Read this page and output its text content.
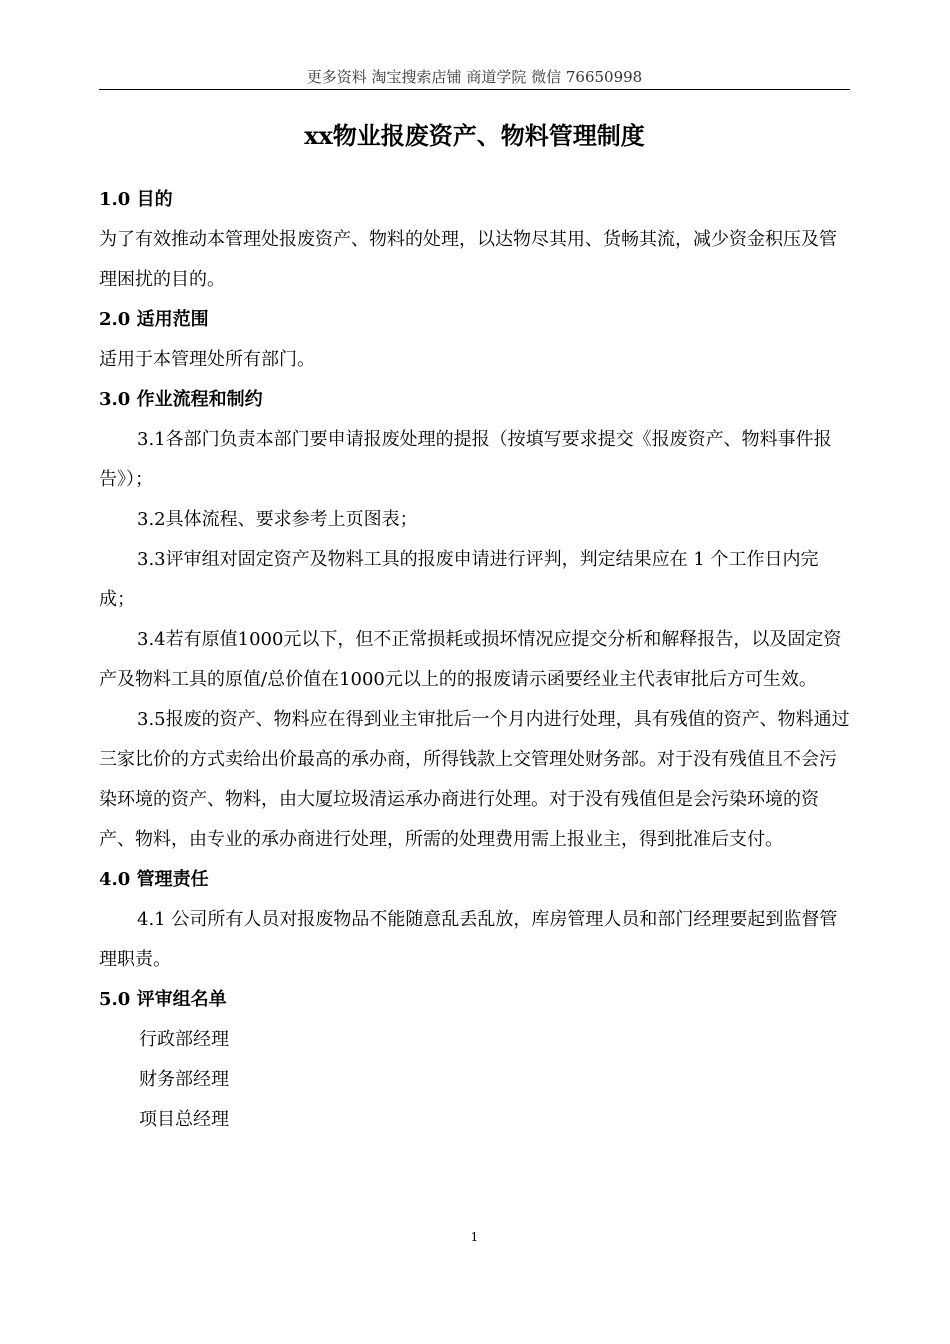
更多资料 淘宝搜索店铺 商道学院 微信 76650998
xx物业报废资产、物料管理制度

1.0 目的

为了有效推动本管理处报废资产、物料的处理，以达物尽其用、货畅其流，减少资金积压及管理困扰的目的。

2.0 适用范围

适用于本管理处所有部门。

3.0 作业流程和制约

3.1各部门负责本部门要申请报废处理的提报（按填写要求提交《报废资产、物料事件报告》）；

3.2具体流程、要求参考上页图表；

3.3评审组对固定资产及物料工具的报废申请进行评判，判定结果应在 1 个工作日内完成；

3.4若有原值1000元以下，但不正常损耗或损坏情况应提交分析和解释报告，以及固定资产及物料工具的原值/总价值在1000元以上的的报废请示函要经业主代表审批后方可生效。

3.5报废的资产、物料应在得到业主审批后一个月内进行处理，具有残值的资产、物料通过三家比价的方式卖给出价最高的承办商，所得钱款上交管理处财务部。对于没有残值且不会污染环境的资产、物料，由大厦垃圾清运承办商进行处理。对于没有残值但是会污染环境的资产、物料，由专业的承办商进行处理，所需的处理费用需上报业主，得到批准后支付。

4.0 管理责任

4.1 公司所有人员对报废物品不能随意乱丢乱放，库房管理人员和部门经理要起到监督管理职责。

5.0 评审组名单

行政部经理

财务部经理

项目总经理

1
